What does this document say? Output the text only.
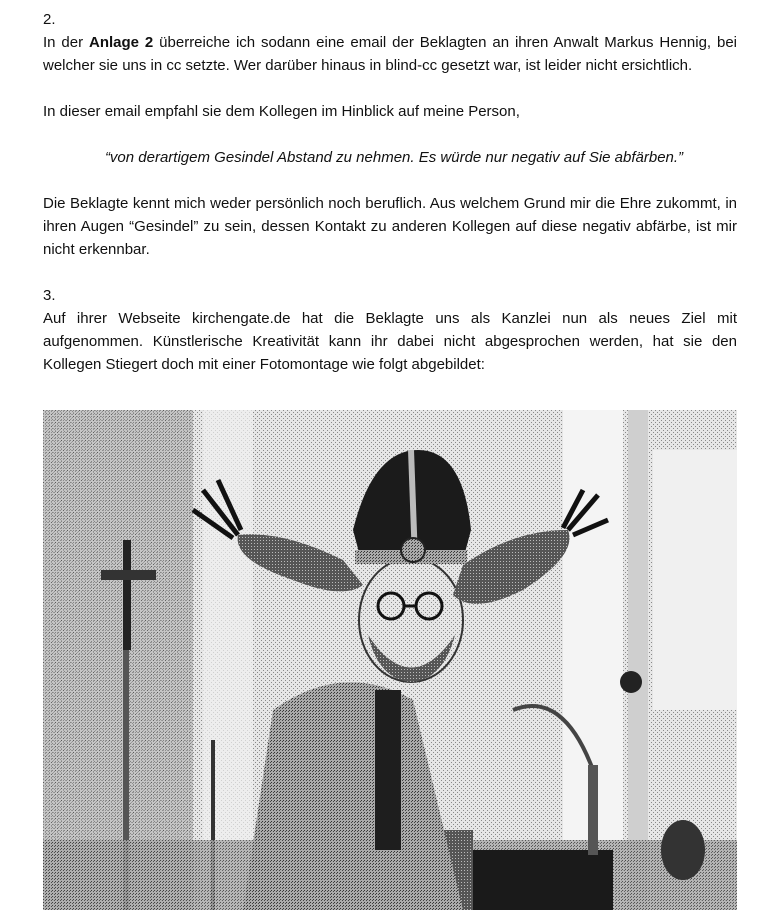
2.

In der Anlage 2 überreiche ich sodann eine email der Beklagten an ihren Anwalt Markus Hennig, bei welcher sie uns in cc setzte. Wer darüber hinaus in blind-cc gesetzt war, ist leider nicht ersichtlich.

In dieser email empfahl sie dem Kollegen im Hinblick auf meine Person,

“von derartigem Gesindel Abstand zu nehmen. Es würde nur negativ auf Sie abfärben.”

Die Beklagte kennt mich weder persönlich noch beruflich. Aus welchem Grund mir die Ehre zukommt, in ihren Augen “Gesindel” zu sein, dessen Kontakt zu anderen Kollegen auf diese negativ abfärbe, ist mir nicht erkennbar.

3.

Auf ihrer Webseite kirchengate.de hat die Beklagte uns als Kanzlei nun als neues Ziel mit aufgenommen. Künstlerische Kreativität kann ihr dabei nicht abgesprochen werden, hat sie den Kollegen Stiegert doch mit einer Fotomontage wie folgt abgebildet:
